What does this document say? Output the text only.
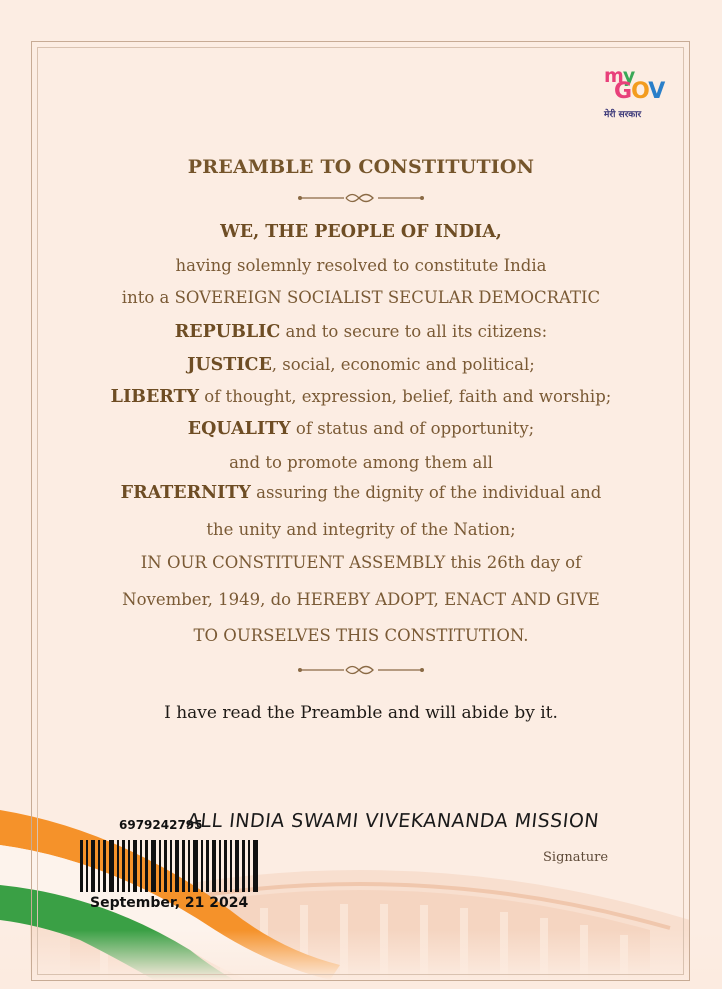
my
GOV
मेरी सरकार
PREAMBLE TO CONSTITUTION
WE, THE PEOPLE OF INDIA,
having solemnly resolved to constitute India
into a SOVEREIGN SOCIALIST SECULAR DEMOCRATIC
REPUBLIC and to secure to all its citizens:
JUSTICE, social, economic and political;
LIBERTY of thought, expression, belief, faith and worship;
EQUALITY of status and of opportunity;
and to promote among them all
FRATERNITY assuring the dignity of the individual and
the unity and integrity of the Nation;
IN OUR CONSTITUENT ASSEMBLY this 26th day of
November, 1949, do HEREBY ADOPT, ENACT AND GIVE
TO OURSELVES THIS CONSTITUTION.
I have read the Preamble and will abide by it.
6979242795
ALL INDIA SWAMI VIVEKANANDA MISSION
Signature
September, 21 2024
